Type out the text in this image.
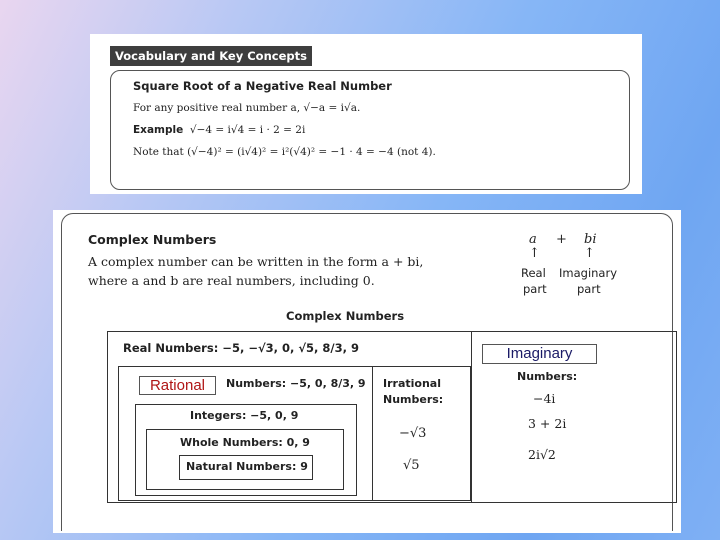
Vocabulary and Key Concepts
Square Root of a Negative Real Number
For any positive real number a, √−a = i√a.
Example √−4 = i√4 = i · 2 = 2i
Note that (√−4)² = (i√4)² = i²(√4)² = −1 · 4 = −4 (not 4).
Complex Numbers
A complex number can be written in the form a + bi,
where a and b are real numbers, including 0.
a + bi
↑	↑
Real
part
Imaginary
part
Complex Numbers
Real Numbers: −5, −√3, 0, √5, 8/3, 9
Numbers: −5, 0, 8/3, 9 Irrational
Numbers:
−√3
√5
Integers: −5, 0, 9
Whole Numbers: 0, 9
Natural Numbers: 9
Numbers:
−4i
3 + 2i
2i√2
Rational
Imaginary
